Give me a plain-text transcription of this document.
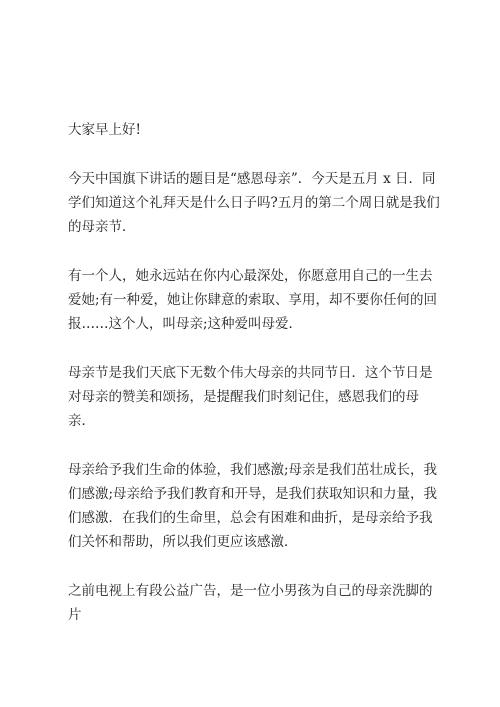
大家早上好!

今天中国旗下讲话的题目是“感恩母亲”．今天是五月 x 日．同学们知道这个礼拜天是什么日子吗?五月的第二个周日就是我们的母亲节．

有一个人，她永远站在你内心最深处，你愿意用自己的一生去爱她;有一种爱，她让你肆意的索取、享用，却不要你任何的回报……这个人，叫母亲;这种爱叫母爱．

母亲节是我们天底下无数个伟大母亲的共同节日．这个节日是对母亲的赞美和颂扬，是提醒我们时刻记住，感恩我们的母亲．

母亲给予我们生命的体验，我们感激;母亲是我们茁壮成长，我们感激;母亲给予我们教育和开导，是我们获取知识和力量，我们感激．在我们的生命里，总会有困难和曲折，是母亲给予我们关怀和帮助，所以我们更应该感激．

之前电视上有段公益广告，是一位小男孩为自己的母亲洗脚的片
